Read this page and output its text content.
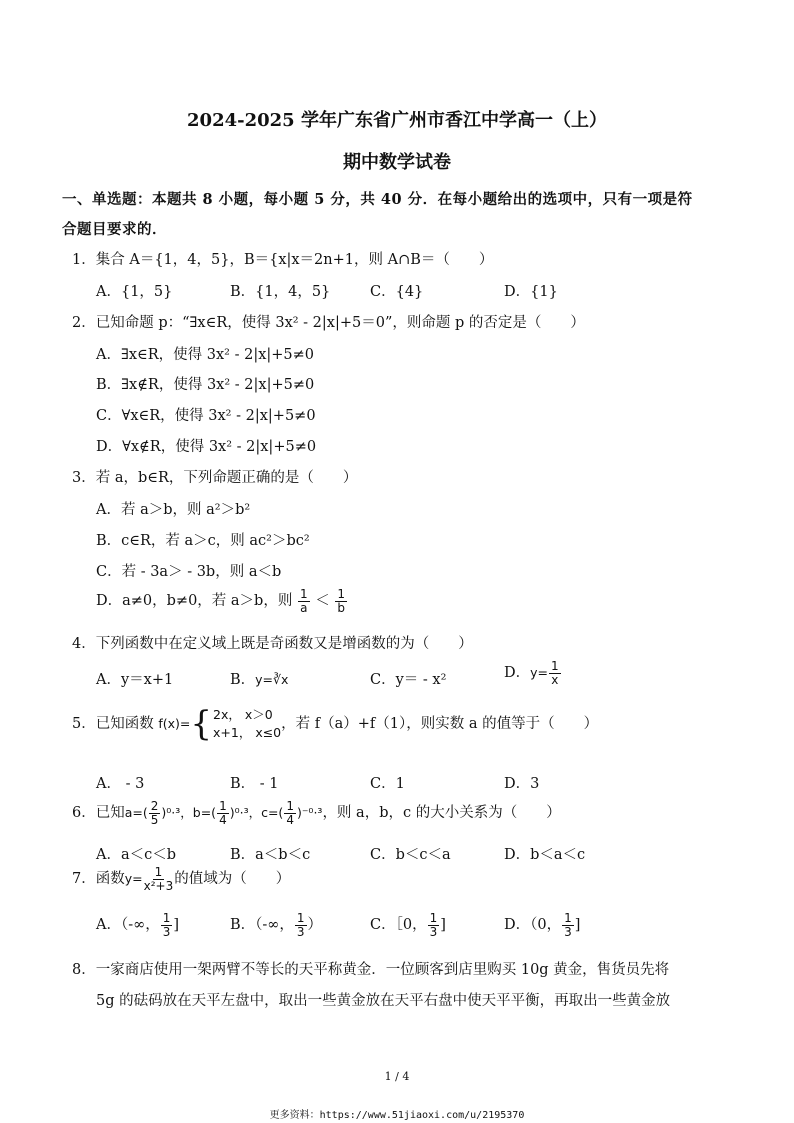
2024-2025 学年广东省广州市香江中学高一（上）
期中数学试卷
一、单选题：本题共 8 小题，每小题 5 分，共 40 分．在每小题给出的选项中，只有一项是符
合题目要求的．
1．集合 A＝{1，4，5}，B＝{x|x＝2n+1，则 A∩B＝（　　）
A．{1，5}	B．{1，4，5}	C．{4}	D．{1}
2．已知命题 p：“∃x∈R，使得 3x² - 2|x|+5＝0”，则命题 p 的否定是（　　）
A．∃x∈R，使得 3x² - 2|x|+5≠0
B．∃x∉R，使得 3x² - 2|x|+5≠0
C．∀x∈R，使得 3x² - 2|x|+5≠0
D．∀x∉R，使得 3x² - 2|x|+5≠0
3．若 a，b∈R，下列命题正确的是（　　）
A．若 a＞b，则 a²＞b²
B．c∈R，若 a＞c，则 ac²＞bc²
C．若 - 3a＞ - 3b，则 a＜b
D．a≠0，b≠0，若 a＞b，则 $\frac{1}{a} < \frac{1}{b}$
4．下列函数中在定义域上既是奇函数又是增函数的为（　　）
A．y＝x+1	B．y=∛x	C．y＝ - x²	D．$y= \frac{1}{x}$
5．已知函数 f(x)={ 2x， x＞0
x+1， x≤0
，若 f（a）+f（1），则实数 a 的值等于（　　）
A． - 3	B． - 1	C．1	D．3
6．已知$a=( \frac{2}{5} )^0\cdot^3$，$b=( \frac{1}{4} )^0\cdot^3$，$c=( \frac{1}{4} )^{-0}\cdot^3$，则 a，b，c 的大小关系为（　　）
A．a＜c＜b	B．a＜b＜c	C．b＜c＜a	D．b＜a＜c
7．函数$y= \frac{1}{\text{x²+3}}$ 的值域为（　　）
A．（-∞， $\frac{1}{3}$ ]	B．（-∞， $\frac{1}{3}$ ）	C．［0， $\frac{1}{3}$ ]	D．（0， $\frac{1}{3}$ ]
8．一家商店使用一架两臂不等长的天平称黄金．一位顾客到店里购买 10g 黄金，售货员先将
5g 的砝码放在天平左盘中，取出一些黄金放在天平右盘中使天平平衡，再取出一些黄金放
1 / 4
更多资料：https://www.51jiaoxi.com/u/2195370
